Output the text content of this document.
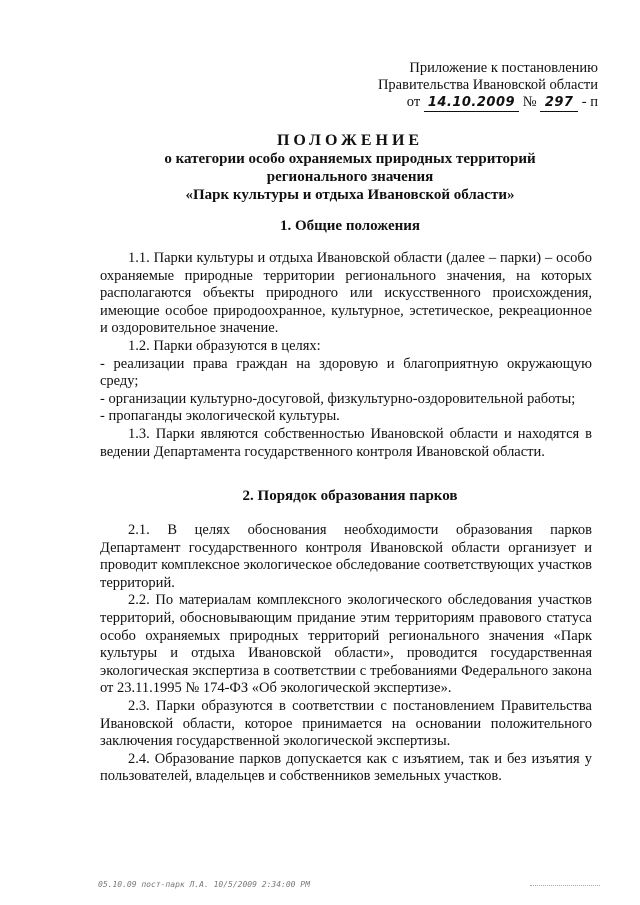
Приложение к постановлению
Правительства Ивановской области
от 14.10.2009 № 297 - п
ПОЛОЖЕНИЕ
о категории особо охраняемых природных территорий
регионального значения
«Парк культуры и отдыха Ивановской области»
1. Общие положения

1.1. Парки культуры и отдыха Ивановской области (далее – парки) – особо охраняемые природные территории регионального значения, на которых располагаются объекты природного или искусственного происхождения, имеющие особое природоохранное, культурное, эстетическое, рекреационное и оздоровительное значение.

1.2. Парки образуются в целях:

- реализации права граждан на здоровую и благоприятную окружающую среду;

- организации культурно-досуговой, физкультурно-оздоровительной работы;

- пропаганды экологической культуры.

1.3. Парки являются собственностью Ивановской области и находятся в ведении Департамента государственного контроля Ивановской области.

2. Порядок образования парков

2.1. В целях обоснования необходимости образования парков Департамент государственного контроля Ивановской области организует и проводит комплексное экологическое обследование соответствующих участков территорий.

2.2. По материалам комплексного экологического обследования участков территорий, обосновывающим придание этим территориям правового статуса особо охраняемых природных территорий регионального значения «Парк культуры и отдыха Ивановской области», проводится государственная экологическая экспертиза в соответствии с требованиями Федерального закона от 23.11.1995 № 174-ФЗ «Об экологической экспертизе».

2.3. Парки образуются в соответствии с постановлением Правительства Ивановской области, которое принимается на основании положительного заключения государственной экологической экспертизы.

2.4. Образование парков допускается как с изъятием, так и без изъятия у пользователей, владельцев и собственников земельных участков.

05.10.09 пост-парк Л.А. 10/5/2009 2:34:00 PM
